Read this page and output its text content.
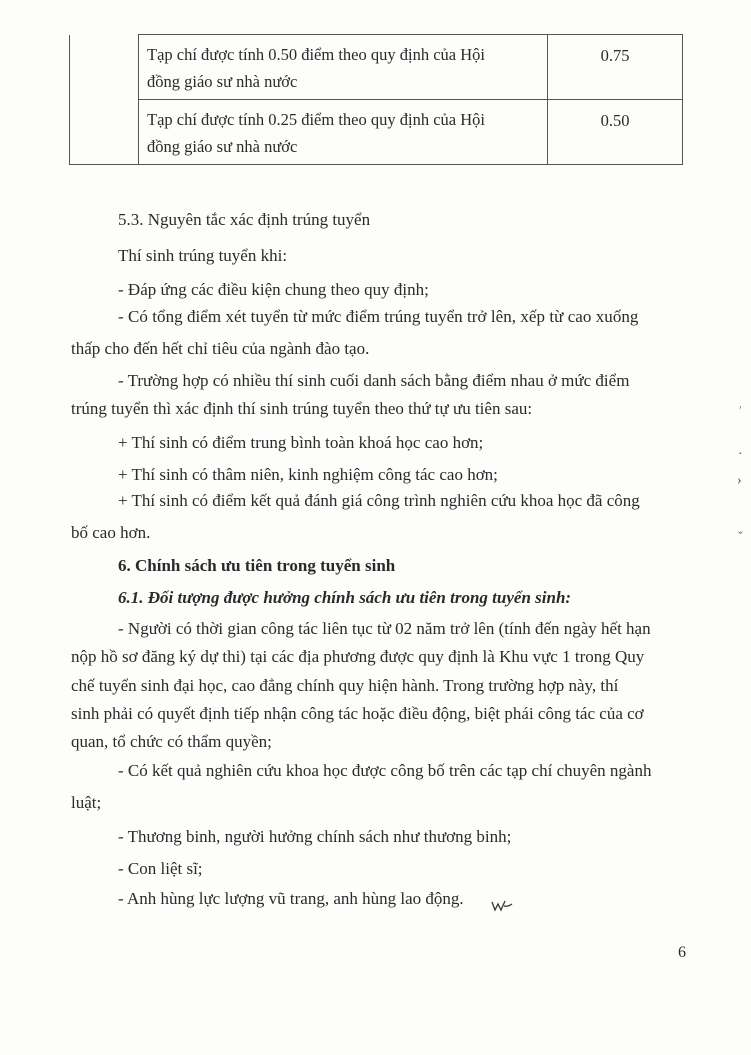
	Tạp chí được tính 0.50 điểm theo quy định của Hội
đồng giáo sư nhà nước	0.75

	Tạp chí được tính 0.25 điểm theo quy định của Hội
đồng giáo sư nhà nước	0.50
5.3. Nguyên tắc xác định trúng tuyển
Thí sinh trúng tuyển khi:
- Đáp ứng các điều kiện chung theo quy định;
- Có tổng điểm xét tuyển từ mức điểm trúng tuyển trở lên, xếp từ cao xuống
thấp cho đến hết chỉ tiêu của ngành đào tạo.
- Trường hợp có nhiều thí sinh cuối danh sách bằng điểm nhau ở mức điểm
trúng tuyển thì xác định thí sinh trúng tuyển theo thứ tự ưu tiên sau:
+ Thí sinh có điểm trung bình toàn khoá học cao hơn;
+ Thí sinh có thâm niên, kinh nghiệm công tác cao hơn;
+ Thí sinh có điểm kết quả đánh giá công trình nghiên cứu khoa học đã công
bố cao hơn.
6. Chính sách ưu tiên trong tuyển sinh
6.1. Đối tượng được hưởng chính sách ưu tiên trong tuyển sinh:
- Người có thời gian công tác liên tục từ 02 năm trở lên (tính đến ngày hết hạn
nộp hồ sơ đăng ký dự thi) tại các địa phương được quy định là Khu vực 1 trong Quy
chế tuyển sinh đại học, cao đẳng chính quy hiện hành. Trong trường hợp này, thí
sinh phải có quyết định tiếp nhận công tác hoặc điều động, biệt phái công tác của cơ
quan, tổ chức có thẩm quyền;
- Có kết quả nghiên cứu khoa học được công bố trên các tạp chí chuyên ngành
luật;
- Thương binh, người hưởng chính sách như thương binh;
- Con liệt sĩ;
- Anh hùng lực lượng vũ trang, anh hùng lao động.
6
ʾ
·
›
ˇ
